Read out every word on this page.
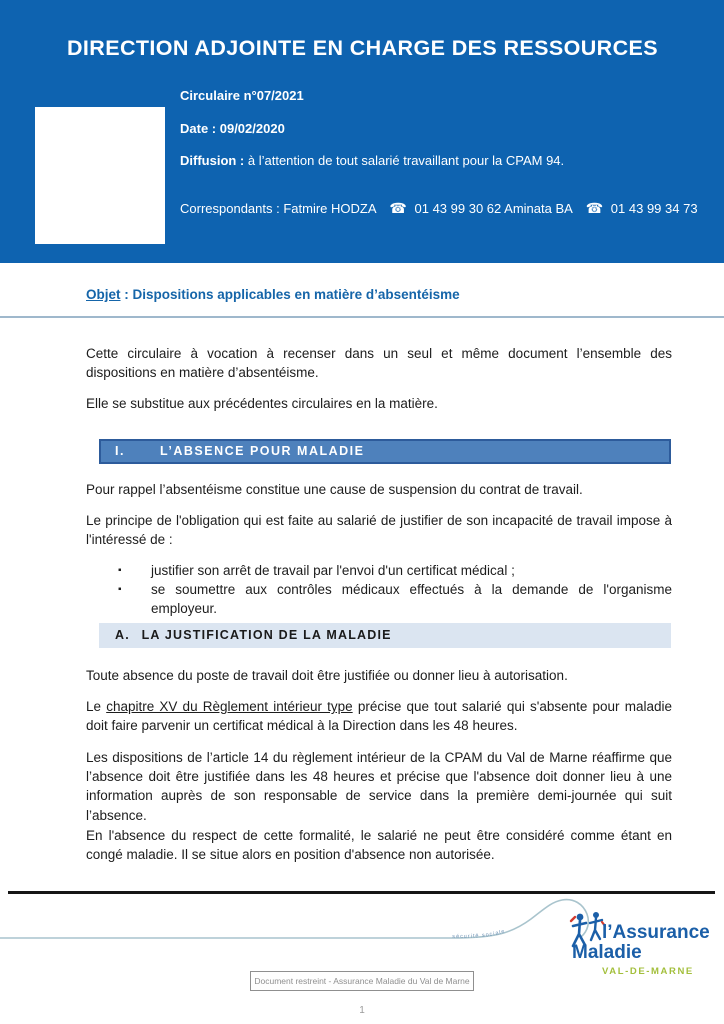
DIRECTION ADJOINTE EN CHARGE DES RESSOURCES
Circulaire n°07/2021
Date : 09/02/2020
Diffusion : à l’attention de tout salarié travaillant pour la CPAM 94.
Correspondants : Fatmire HODZA ☎ 01 43 99 30 62 Aminata BA ☎ 01 43 99 34 73
Objet : Dispositions applicables en matière d’absentéisme
Cette circulaire à vocation à recenser dans un seul et même document l’ensemble des dispositions en matière d’absentéisme.
Elle se substitue aux précédentes circulaires en la matière.
I.	L’ABSENCE POUR MALADIE
Pour rappel l’absentéisme constitue une cause de suspension du contrat de travail.
Le principe de l'obligation qui est faite au salarié de justifier de son incapacité de travail impose à l'intéressé de :
▪	justifier son arrêt de travail par l'envoi d'un certificat médical ;
▪	se soumettre aux contrôles médicaux effectués à la demande de l'organisme employeur.
A. LA JUSTIFICATION DE LA MALADIE
Toute absence du poste de travail doit être justifiée ou donner lieu à autorisation.
Le chapitre XV du Règlement intérieur type précise que tout salarié qui s'absente pour maladie doit faire parvenir un certificat médical à la Direction dans les 48 heures.
Les dispositions de l’article 14 du règlement intérieur de la CPAM du Val de Marne réaffirme que l’absence doit être justifiée dans les 48 heures et précise que l'absence doit donner lieu à une information auprès de son responsable de service dans la première demi-journée qui suit l’absence.
En l'absence du respect de cette formalité, le salarié ne peut être considéré comme étant en congé maladie. Il se situe alors en position d'absence non autorisée.
sécurité sociale	l’Assurance
Maladie
VAL-DE-MARNE
Document restreint - Assurance Maladie du Val de Marne
1
